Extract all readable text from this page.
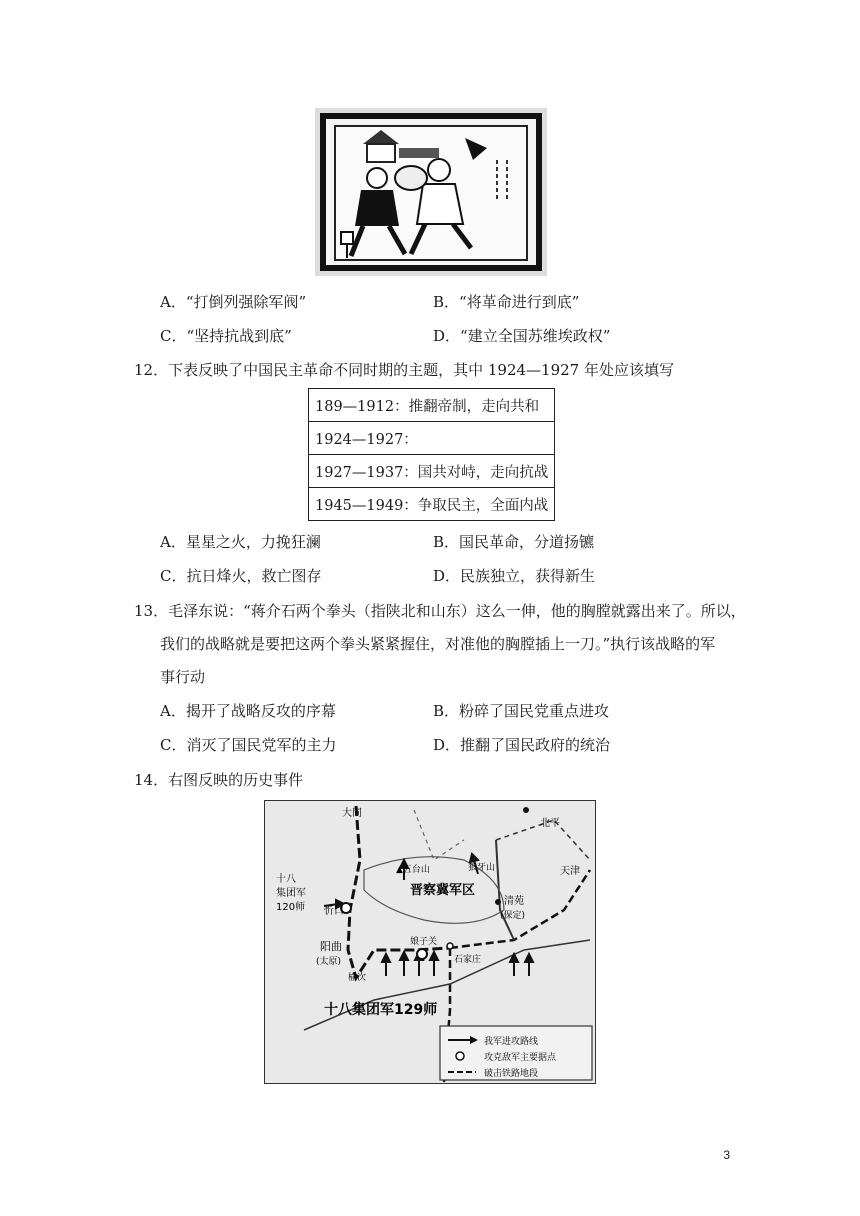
A．“打倒列强除军阀”	B．“将革命进行到底”
C．“坚持抗战到底”	D．“建立全国苏维埃政权”
12．下表反映了中国民主革命不同时期的主题，其中 1924—1927 年处应该填写
189—1912：推翻帝制，走向共和
1924—1927：
1927—1937：国共对峙，走向抗战
1945—1949：争取民主，全面内战
A．星星之火，力挽狂澜	B．国民革命，分道扬镳
C．抗日烽火，救亡图存	D．民族独立，获得新生
13．毛泽东说：“蒋介石两个拳头（指陕北和山东）这么一伸，他的胸膛就露出来了。所以，
我们的战略就是要把这两个拳头紧紧握住，对准他的胸膛插上一刀。”执行该战略的军
事行动
A．揭开了战略反攻的序幕	B．粉碎了国民党重点进攻
C．消灭了国民党军的主力	D．推翻了国民政府的统治
14．右图反映的历史事件
大同
北平
天津
▲五台山	狼牙山
晋察冀军区
清苑
(保定)
十八
集团军
120师 忻口
阳曲
(太原)
娘子关
石家庄
榆次
十八集团军129师
我军进攻路线
攻克敌军主要据点
破击铁路地段
3
